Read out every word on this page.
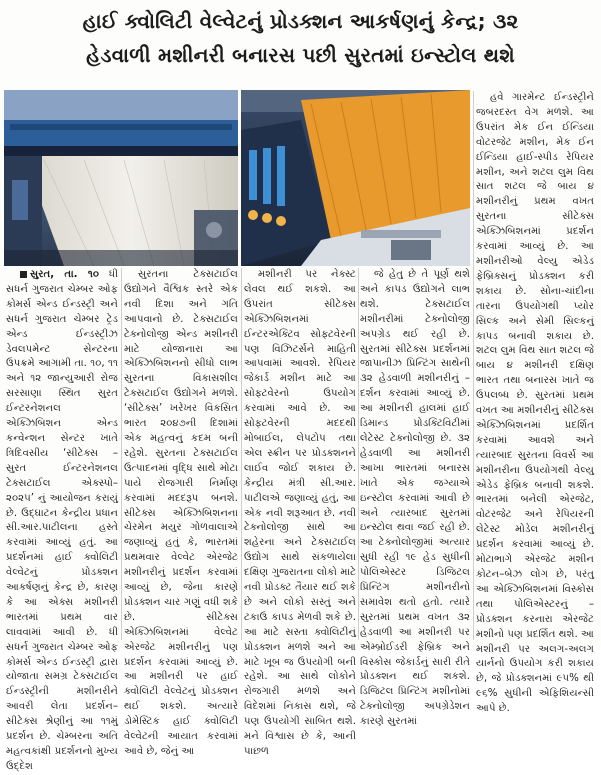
હાઈ ક્વોલિટી વેલ્વેટનું પ્રોડક્શન આકર્ષણનું કેન્દ્ર; ૩૨
હેડવાળી મશીનરી બનારસ પછી સુરતમાં ઇન્સ્ટોલ થશે

સુરત, તા. ૧૦ ધી સધર્ન ગુજરાત ચેમ્બર ઓફ કોમર્સ એન્ડ ઈન્ડસ્ટ્રી અને સધર્ન ગુજરાત ચેમ્બર ટ્રેડ એન્ડ ઈન્ડસ્ટ્રીઝ ડેવલપમેન્ટ સેન્ટરના ઉપક્રમે આગામી તા. ૧૦, ૧૧ અને ૧૨ જાન્યુઆરી રોજ સરસાણા સ્થિત સુરત ઈન્ટરનેશનલ એક્ઝિબિશન એન્ડ કન્વેન્શન સેન્ટર ખાતે ત્રિદિવસીય ‘સીટેક્સ – સુરત ઈન્ટરનેશનલ ટેક્સટાઈલ એક્સ્પો–૨૦૨૫’ નું આયોજન કરાયું છે. ઉદ્ઘાટન કેન્દ્રીય પ્રધાન સી.આર.પાટીલના હસ્તે કરવામાં આવ્યું હતું. આ પ્રદર્શનમાં હાઈ ક્વોલિટી વેલ્વેટનું પ્રોડક્શન આકર્ષણનું કેન્દ્ર છે, કારણ કે આ એક્સ મશીનરી ભારતમાં પ્રથમ વાર લાવવામાં આવી છે. ધી સધર્ન ગુજરાત ચેમ્બર ઓફ કોમર્સ એન્ડ ઈન્ડસ્ટ્રી દ્વારા યોજાતા સમગ્ર ટેક્સટાઈલ ઈન્ડસ્ટ્રીની મશીનરીને આવરી લેતા પ્રદર્શન–સીટેક્સ શ્રેણીનું આ ૧૧મું પ્રદર્શન છે. ચેમ્બરના અતિ મહત્વકાંક્ષી પ્રદર્શનનો મુખ્ય ઉદ્દેશ

સુરતના ટેક્સટાઈલ ઉદ્યોગને વૈશ્વિક સ્તરે એક નવી દિશા અને ગતિ આપવાનો છે. ટેક્સટાઈલ ટેક્નોલોજી એન્ડ મશીનરી માટે યોજાનારા આ એક્ઝિબિશનનો સીધો લાભ સુરતના વિકાસશીલ ટેક્સટાઈલ ઉદ્યોગને મળશે. ‘સીટેક્સ’ ખરેખર વિકસિત ભારત ૨૦૪૭ની દિશામાં એક મહત્વનું કદમ બની રહેશે. સુરતના ટેક્સટાઈલ ઉત્પાદનમાં વૃદ્ધિ સાથે મોટા પાયે રોજગારી નિર્માણ કરવામાં મદદરૂપ બનશે. સીટેક્સ એક્ઝિબિશનના ચેરમેન મયુર ગોળવાલાએ જણાવ્યું હતું કે, ભારતમાં પ્રથમવાર વેલ્વેટ એરજેટ મશીનરીનું પ્રદર્શન કરવામાં આવ્યું છે, જેના કારણે પ્રોડક્શન ચાર ગણું વધી શકે છે. સીટેક્સ એક્ઝિબિશનમાં વેલ્વેટ એરજેટ મશીનરીનું પણ પ્રદર્શન કરવામાં આવ્યું છે. આ મશીનરી પર હાઈ ક્વોલિટી વેલ્વેટનું પ્રોડક્શન થઈ શકશે. અત્યારે ડોમેસ્ટિક હાઈ ક્વોલિટી વેલ્વેટની આયાત કરવામાં આવે છે, જેનું આ

મશીનરી પર નેક્સ્ટ લેવલ થઈ શકશે. આ ઉપરાંત સીટેક્સ એક્ઝિબિશનમાં ઈન્ટરએક્ટિવ સોફ્ટવેરની પણ વિઝિટર્સને માહિતી આપવામાં આવશે. રેપિયર જેકાર્ડ મશીન માટે આ સોફ્ટવેરનો ઉપયોગ કરવામાં આવે છે. આ સોફ્ટવેરની મદદથી મોબાઈલ, લેપટોપ તથા એલ સ્ક્રીન પર પ્રોડક્શનને લાઈવ જોઈ શકાય છે. કેન્દ્રીય મંત્રી સી.આર. પાટીલએ જણાવ્યું હતું, આ એક નવી શરૂઆત છે. નવી ટેક્નોલોજી સાથે આ શહેરના અને ટેક્સટાઈલ ઉદ્યોગ સાથે સંકળાયેલા દક્ષિણ ગુજરાતના લોકો માટે નવી પ્રોડક્ટ તૈયાર થઈ શકે છે અને લોકો સસ્તું અને ટકાઉ કાપડ મેળવી શકે છે. આ માટે સસ્તા ક્વોલિટીનું પ્રોડક્શન મળશે અને આ માટે ખૂબ જ ઉપયોગી બની રહેશે. આ સાથે લોકોને રોજગારી મળશે અને વિદેશમાં નિકાસ થશે, જે પણ ઉપયોગી સાબિત થશે. મને વિશ્વાસ છે કે, આની પાછળ

જે હેતુ છે તે પૂર્ણ થશે અને કાપડ ઉદ્યોગને લાભ થશે. ટેક્સટાઈલ મશીનરીમાં ટેક્નોલોજી અપગ્રેડ થઈ રહી છે. સુરતમાં સીટેક્સ પ્રદર્શનમાં જાપાનીઝ પ્રિન્ટિંગ સાથેની ૩૨ હેડવાળી મશીનરીનું –દર્શન કરવામાં આવ્યું છે. આ મશીનરી હાલમાં હાઈ ડિમાન્ડ પ્રોડક્ટિવિટીમાં લેટેસ્ટ ટેક્નોલોજી છે. ૩૨ હેડવાળી આ મશીનરી આખા ભારતમાં બનારસ ખાતે એક જગ્યાએ ઇન્સ્ટોલ કરવામાં આવી છે અને ત્યારબાદ સુરતમાં ઇન્સ્ટોલ થવા જઈ રહી છે. આ ટેક્નોલોજીમાં અત્યાર સુધી રહી ૧૯ હેડ સુધીની પોલિએસ્ટર ડિજિટલ પ્રિન્ટિંગ મશીનરીનો સમાવેશ થતો હતો. ત્યારે સુરતમાં પ્રથમ વખત ૩૨ હેડવાળી આ મશીનરી પર એમ્બ્રોઈડરી ફેબ્રિક અને વિસ્કોસ જેકાર્ડનું સારી રીતે પ્રોડક્શન થઈ શકશે. ડિજિટલ પ્રિન્ટિંગ મશીનોમાં ટેક્નોલોજી અપગ્રેડેશન કારણે સુરતમાં

હવે ગારમેન્ટ ઈન્ડસ્ટ્રીને જબરદસ્ત વેગ મળશે. આ ઉપરાંત મેક ઈન ઈન્ડિયા વોટરજેટ મશીન, મેક ઈન ઈન્ડિયા હાઈ-સ્પીડ રેપિયર મશીન, અને શટલ લુમ વિથ સાત શટલ જે બાય ૪ મશીનરીનું પ્રથમ વખત સુરતના સીટેક્સ એક્ઝિબિશનમાં પ્રદર્શન કરવામાં આવ્યું છે. આ મશીનરીઓ વેલ્યુ એડેડ ફેબ્રિક્સનું પ્રોડક્શન કરી શકાય છે. સોના-ચાંદીના તારના ઉપયોગથી પ્યોર સિલ્ક અને સેમી સિલ્કનું કાપડ બનાવી શકાય છે. શટલ લુમ વિથ સાત શટલ જે બાય ૪ મશીનરી દક્ષિણ ભારત તથા બનારસ ખાતે જ ઉપલબ્ધ છે. સુરતમાં પ્રથમ વખત આ મશીનરીનું સીટેક્સ એક્ઝિબિશનમાં પ્રદર્શિત કરવામાં આવશે અને ત્યારબાદ સુરતના વિવર્સ આ મશીનરીના ઉપયોગથી વેલ્યુ એડેડ ફેબ્રિક બનાવી શકશે. ભારતમાં બનેલી એરજેટ, વોટરજેટ અને રેપિયરની લેટેસ્ટ મોડેલ મશીનરીનું પ્રદર્શન કરવામાં આવ્યું છે. મોટાભાગે એરજેટ મશીન કોટન–બેઝ લોગ છે, પરંતુ આ એક્ઝિબિશનમાં વિસ્કોસ તથા પોલિએસ્ટરનું –પ્રોડક્શન કરનારા એરજેટ મશીનો પણ પ્રદર્શિત થશે. આ મશીનરી પર અલગ-અલગ યાર્નનો ઉપયોગ કરી શકાય છે, જે પ્રોડક્શનમાં ૯૫% થી ૯૬% સુધીની એફિશિયન્સી આપે છે.
